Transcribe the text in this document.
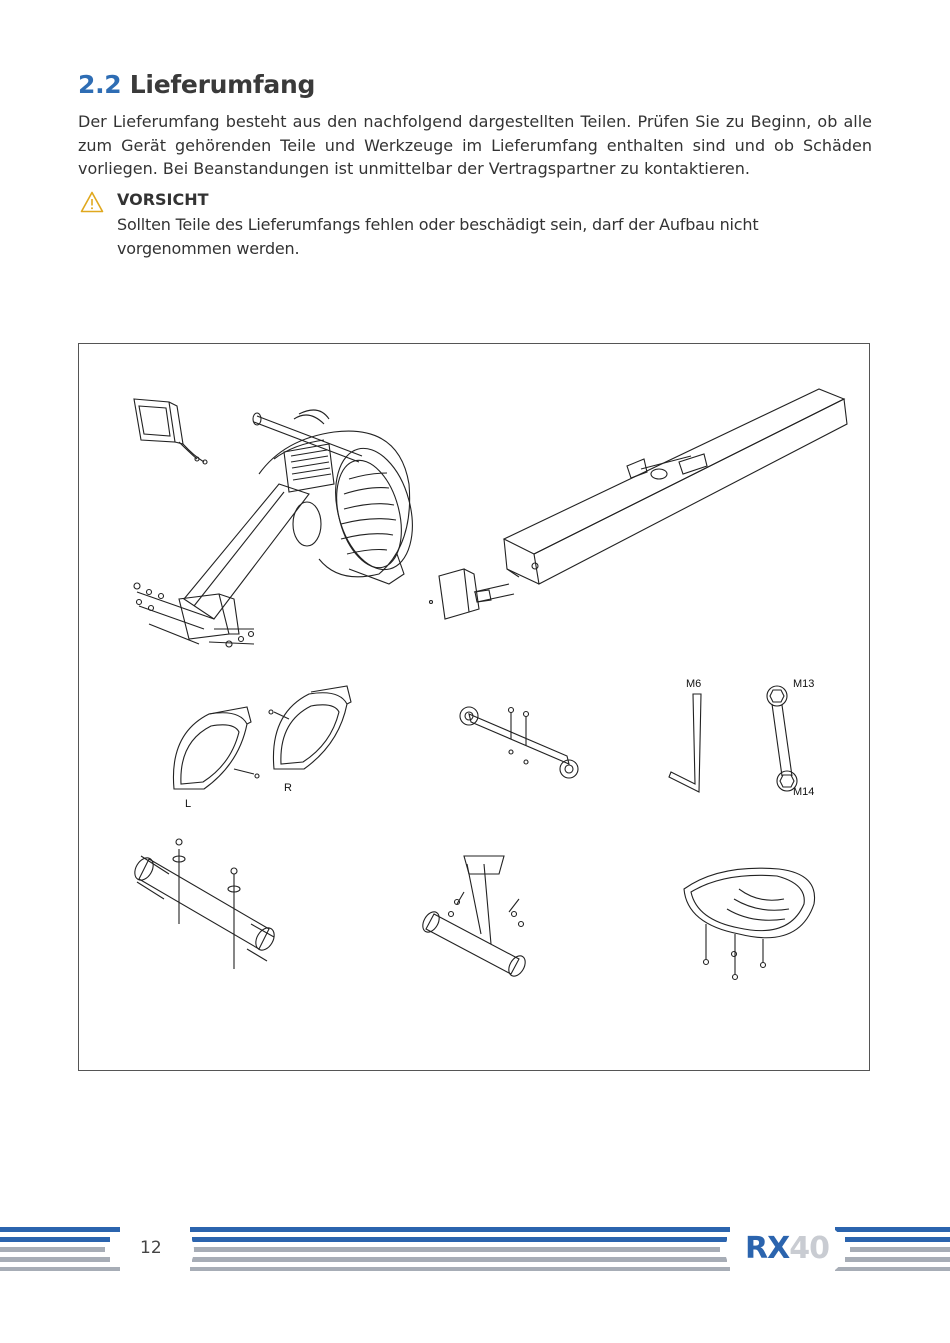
2.2 Lieferumfang
Der Lieferumfang besteht aus den nachfolgend dargestellten Teilen. Prüfen Sie zu Beginn, ob alle zum Gerät gehörenden Teile und Werkzeuge im Lieferumfang enthalten sind und ob Schäden vorliegen. Bei Beanstandungen ist unmittelbar der Vertragspartner zu kontaktieren.
VORSICHT
Sollten Teile des Lieferumfangs fehlen oder beschädigt sein, darf der Aufbau nicht vorgenommen werden.
L
R
M6	M13
M14
12	RX40
